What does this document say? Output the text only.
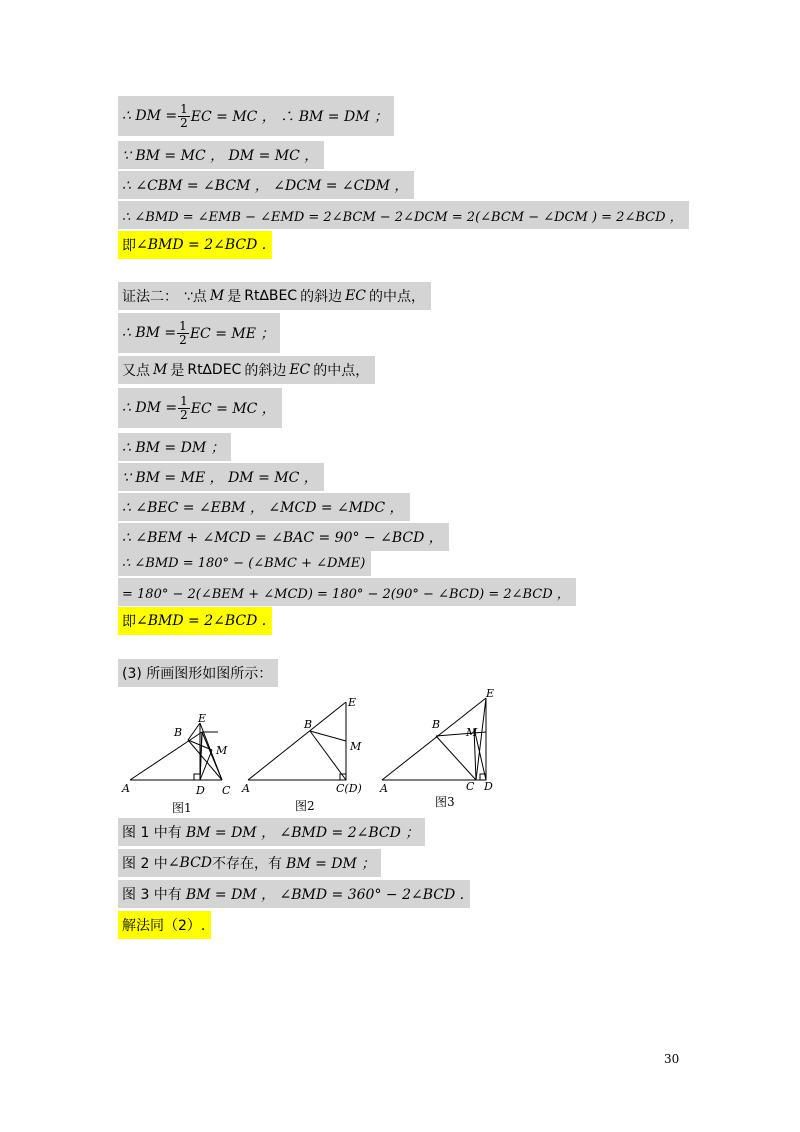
∴ DM = $\frac{1}{2}$ EC = MC ， ∴ BM = DM ；
∵ BM = MC ， DM = MC ，
∴ ∠CBM = ∠BCM ， ∠DCM = ∠CDM ，
∴ ∠BMD = ∠EMB − ∠EMD = 2∠BCM − 2∠DCM = 2(∠BCM − ∠DCM ) = 2∠BCD ，
即 ∠BMD = 2∠BCD .
证法二： ∵点 M 是 Rt∆BEC 的斜边 EC 的中点，
∴ BM = $\frac{1}{2}$ EC = ME ；
又点 M 是 Rt∆DEC 的斜边 EC 的中点，
∴ DM = $\frac{1}{2}$ EC = MC ，
∴ BM = DM ；
∵ BM = ME ， DM = MC ，
∴ ∠BEC = ∠EBM ， ∠MCD = ∠MDC ，
∴ ∠BEM + ∠MCD = ∠BAC = 90° − ∠BCD ，
∴ ∠BMD = 180° − (∠BMC + ∠DME)
= 180° − 2(∠BEM + ∠MCD) = 180° − 2(90° − ∠BCD) = 2∠BCD ，
即 ∠BMD = 2∠BCD .
(3) 所画图形如图所示：
A
B
E
M
D C
图1
A
B
E
M
C(D)
图2
A
B
E
M
C D
图3
图 1 中有 BM = DM ， ∠BMD = 2∠BCD ；
图 2 中 ∠BCD 不存在，有 BM = DM ；
图 3 中有 BM = DM ， ∠BMD = 360° − 2∠BCD .
解法同（2）.
30
